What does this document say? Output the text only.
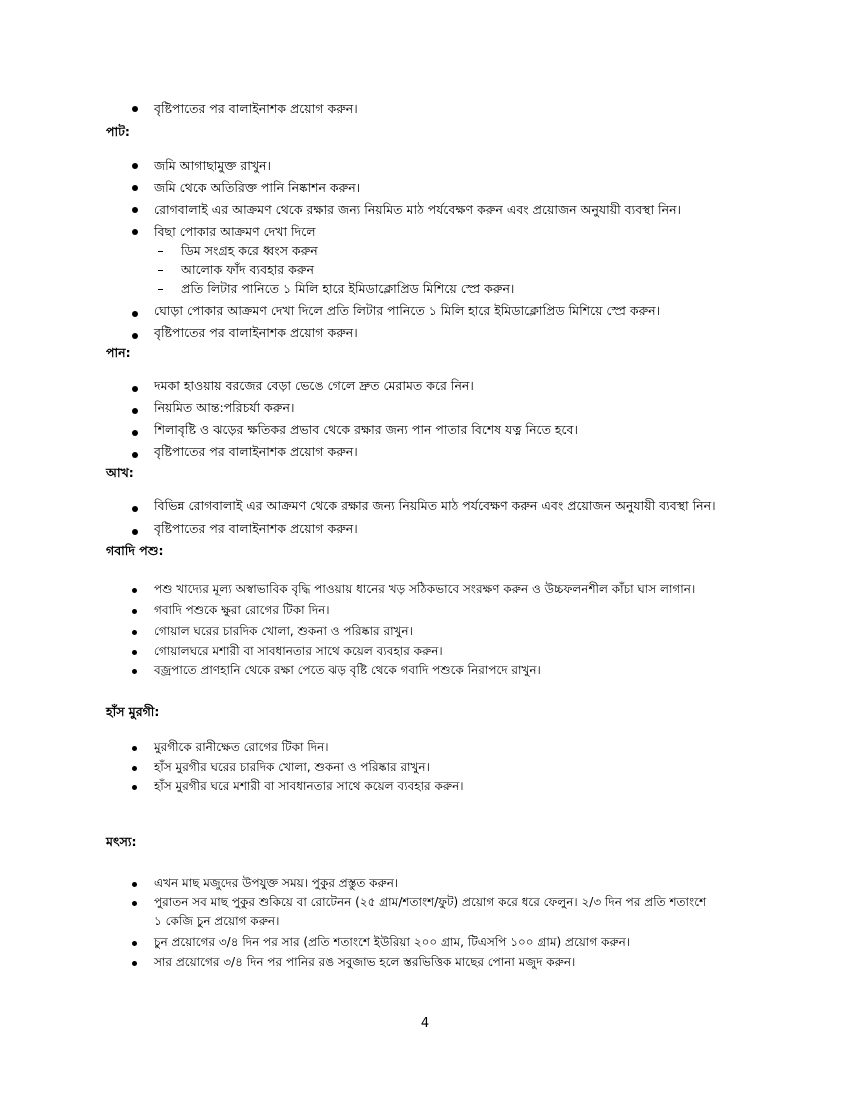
বৃষ্টিপাতের পর বালাইনাশক প্রয়োগ করুন।
পাট:
জমি আগাছামুক্ত রাখুন।
জমি থেকে অতিরিক্ত পানি নিষ্কাশন করুন।
রোগবালাই এর আক্রমণ থেকে রক্ষার জন্য নিয়মিত মাঠ পর্যবেক্ষণ করুন এবং প্রয়োজন অনুযায়ী ব্যবস্থা নিন।
বিছা পোকার আক্রমণ দেখা দিলে
ডিম সংগ্রহ করে ধ্বংস করুন
আলোক ফাঁদ ব্যবহার করুন
প্রতি লিটার পানিতে ১ মিলি হারে ইমিডাক্লোপ্রিড মিশিয়ে স্প্রে করুন।
ঘোড়া পোকার আক্রমণ দেখা দিলে প্রতি লিটার পানিতে ১ মিলি হারে ইমিডাক্লোপ্রিড মিশিয়ে স্প্রে করুন।
বৃষ্টিপাতের পর বালাইনাশক প্রয়োগ করুন।
পান:
দমকা হাওয়ায় বরজের বেড়া ভেঙে গেলে দ্রুত মেরামত করে নিন।
নিয়মিত আন্ত:পরিচর্যা করুন।
শিলাবৃষ্টি ও ঝড়ের ক্ষতিকর প্রভাব থেকে রক্ষার জন্য পান পাতার বিশেষ যত্ন নিতে হবে।
বৃষ্টিপাতের পর বালাইনাশক প্রয়োগ করুন।
আখ:
বিভিন্ন রোগবালাই এর আক্রমণ থেকে রক্ষার জন্য নিয়মিত মাঠ পর্যবেক্ষণ করুন এবং প্রয়োজন অনুযায়ী ব্যবস্থা নিন।
বৃষ্টিপাতের পর বালাইনাশক প্রয়োগ করুন।
গবাদি পশু:
পশু খাদ্যের মূল্য অস্বাভাবিক বৃদ্ধি পাওয়ায় ধানের খড় সঠিকভাবে সংরক্ষণ করুন ও উচ্চফলনশীল কাঁচা ঘাস লাগান।
গবাদি পশুকে ক্ষুরা রোগের টিকা দিন।
গোয়াল ঘরের চারদিক খোলা, শুকনা ও পরিষ্কার রাখুন।
গোয়ালঘরে মশারী বা সাবধানতার সাথে কয়েল ব্যবহার করুন।
বজ্রপাতে প্রাণহানি থেকে রক্ষা পেতে ঝড় বৃষ্টি থেকে গবাদি পশুকে নিরাপদে রাখুন।
হাঁস মুরগী:
মুরগীকে রানীক্ষেত রোগের টিকা দিন।
হাঁস মুরগীর ঘরের চারদিক খোলা, শুকনা ও পরিষ্কার রাখুন।
হাঁস মুরগীর ঘরে মশারী বা সাবধানতার সাথে কয়েল ব্যবহার করুন।
মৎস্য:
এখন মাছ মজুদের উপযুক্ত সময়। পুকুর প্রস্তুত করুন।
পুরাতন সব মাছ পুকুর শুকিয়ে বা রোটেনন (২৫ গ্রাম/শতাংশ/ফুট) প্রয়োগ করে ধরে ফেলুন। ২/৩ দিন পর প্রতি শতাংশে
১ কেজি চুন প্রয়োগ করুন।
চুন প্রয়োগের ৩/৪ দিন পর সার (প্রতি শতাংশে ইউরিয়া ২০০ গ্রাম, টিএসপি ১০০ গ্রাম) প্রয়োগ করুন।
সার প্রয়োগের ৩/৪ দিন পর পানির রঙ সবুজাভ হলে স্তরভিত্তিক মাছের পোনা মজুদ করুন।
4
